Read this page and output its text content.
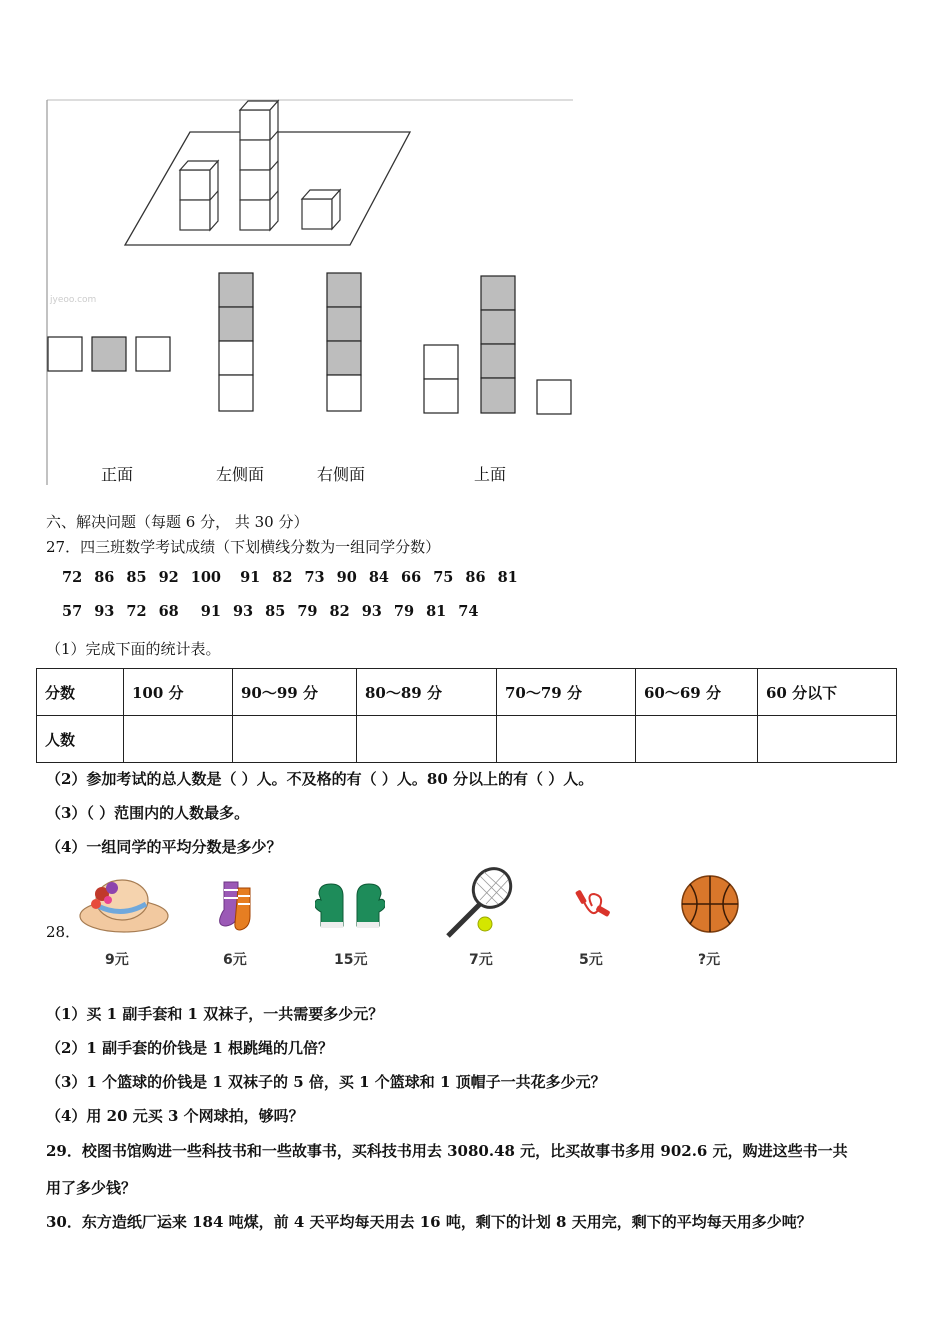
jyeoo.com
正面	左侧面	右侧面	上面
六、解决问题（每题 6 分， 共 30 分）
27．四三班数学考试成绩（下划横线分数为一组同学分数）
72 86 85 92 100 91 82 73 90 84 66 75 86 81
57 93 72 68 91 93 85 79 82 93 79 81 74
（1）完成下面的统计表。
分数	100 分	90～99 分	80～89 分	70～79 分	60～69 分	60 分以下
人数						
（2）参加考试的总人数是（ ）人。不及格的有（ ）人。80 分以上的有（ ）人。
（3）（ ）范围内的人数最多。
（4）一组同学的平均分数是多少？
28．
9元	6元	15元	7元	5元	?元
（1）买 1 副手套和 1 双袜子，一共需要多少元？
（2）1 副手套的价钱是 1 根跳绳的几倍？
（3）1 个篮球的价钱是 1 双袜子的 5 倍，买 1 个篮球和 1 顶帽子一共花多少元？
（4）用 20 元买 3 个网球拍，够吗？
29．校图书馆购进一些科技书和一些故事书，买科技书用去 3080.48 元，比买故事书多用 902.6 元，购进这些书一共
用了多少钱？
30．东方造纸厂运来 184 吨煤，前 4 天平均每天用去 16 吨，剩下的计划 8 天用完，剩下的平均每天用多少吨？
